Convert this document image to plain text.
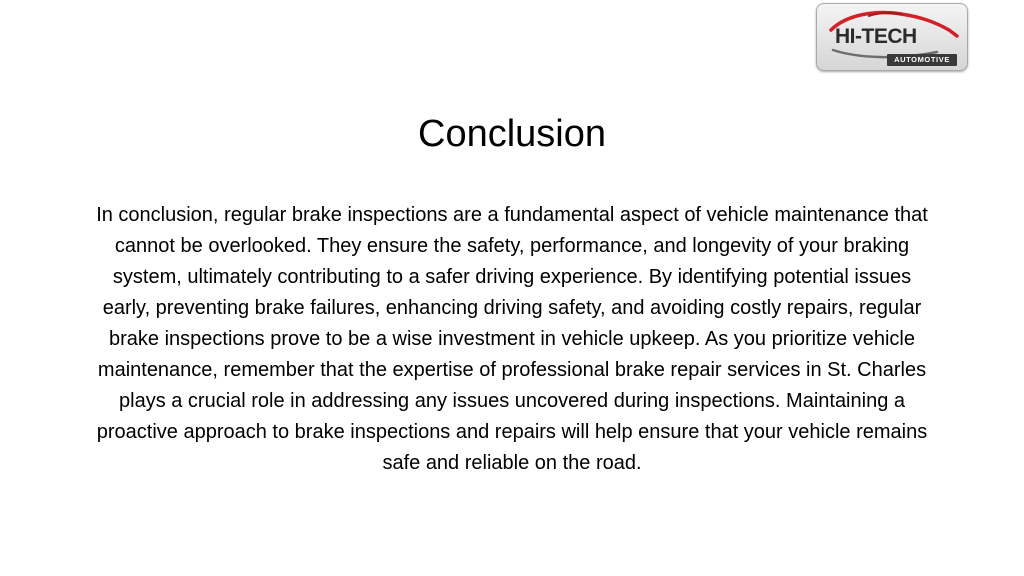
HI-TECH
AUTOMOTIVE
Conclusion

In conclusion, regular brake inspections are a fundamental aspect of vehicle maintenance that cannot be overlooked. They ensure the safety, performance, and longevity of your braking system, ultimately contributing to a safer driving experience. By identifying potential issues early, preventing brake failures, enhancing driving safety, and avoiding costly repairs, regular brake inspections prove to be a wise investment in vehicle upkeep. As you prioritize vehicle maintenance, remember that the expertise of professional brake repair services in St. Charles plays a crucial role in addressing any issues uncovered during inspections. Maintaining a proactive approach to brake inspections and repairs will help ensure that your vehicle remains safe and reliable on the road.
